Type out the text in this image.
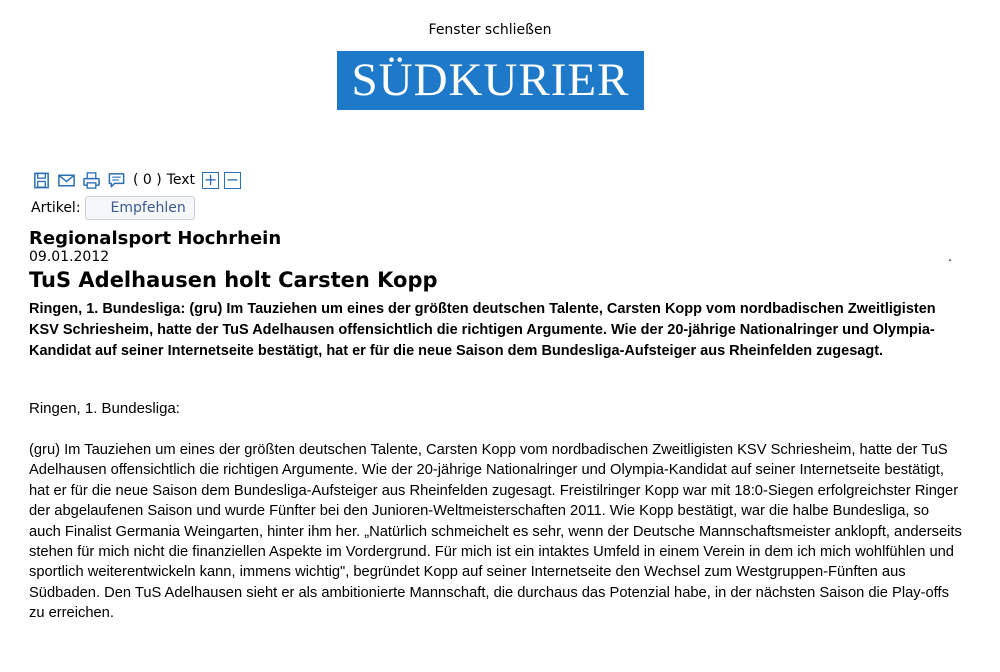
Fenster schließen
SÜDKURIER
( 0 ) Text + −
Artikel:	Empfehlen
Regionalsport Hochrhein
09.01.2012	.
TuS Adelhausen holt Carsten Kopp

Ringen, 1. Bundesliga: (gru) Im Tauziehen um eines der größten deutschen Talente, Carsten Kopp vom nordbadischen Zweitligisten KSV Schriesheim, hatte der TuS Adelhausen offensichtlich die richtigen Argumente. Wie der 20-jährige Nationalringer und Olympia-Kandidat auf seiner Internetseite bestätigt, hat er für die neue Saison dem Bundesliga-Aufsteiger aus Rheinfelden zugesagt.

Ringen, 1. Bundesliga:

(gru) Im Tauziehen um eines der größten deutschen Talente, Carsten Kopp vom nordbadischen Zweitligisten KSV Schriesheim, hatte der TuS Adelhausen offensichtlich die richtigen Argumente. Wie der 20-jährige Nationalringer und Olympia-Kandidat auf seiner Internetseite bestätigt, hat er für die neue Saison dem Bundesliga-Aufsteiger aus Rheinfelden zugesagt. Freistilringer Kopp war mit 18:0-Siegen erfolgreichster Ringer der abgelaufenen Saison und wurde Fünfter bei den Junioren-Weltmeisterschaften 2011. Wie Kopp bestätigt, war die halbe Bundesliga, so auch Finalist Germania Weingarten, hinter ihm her. „Natürlich schmeichelt es sehr, wenn der Deutsche Mannschaftsmeister anklopft, anderseits stehen für mich nicht die finanziellen Aspekte im Vordergrund. Für mich ist ein intaktes Umfeld in einem Verein in dem ich mich wohlfühlen und sportlich weiterentwickeln kann, immens wichtig", begründet Kopp auf seiner Internetseite den Wechsel zum Westgruppen-Fünften aus Südbaden. Den TuS Adelhausen sieht er als ambitionierte Mannschaft, die durchaus das Potenzial habe, in der nächsten Saison die Play-offs zu erreichen.
